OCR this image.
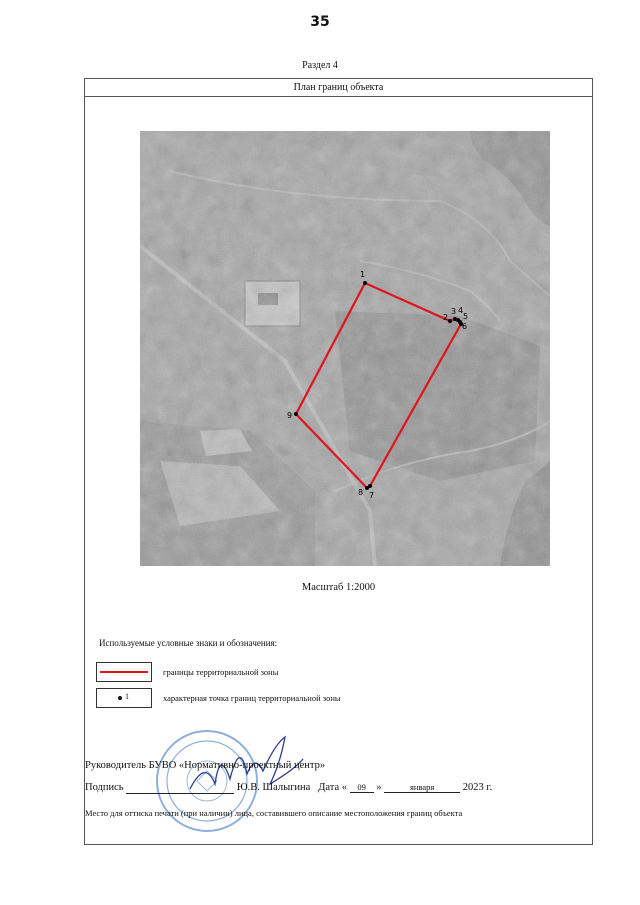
35
Раздел 4
План границ объекта
1
2
3 4
5
6
7
8
9
Масштаб 1:2000
Используемые условные знаки и обозначения:
границы территориальной зоны
1	характерная точка границ территориальной зоны
Руководитель БУВО «Нормативно-проектный центр»
Подпись	Ю.В. Шалыгина Дата « 09 »	января	2023 г.
Место для оттиска печати (при наличии) лица, составившего описание местоположения границ объекта
